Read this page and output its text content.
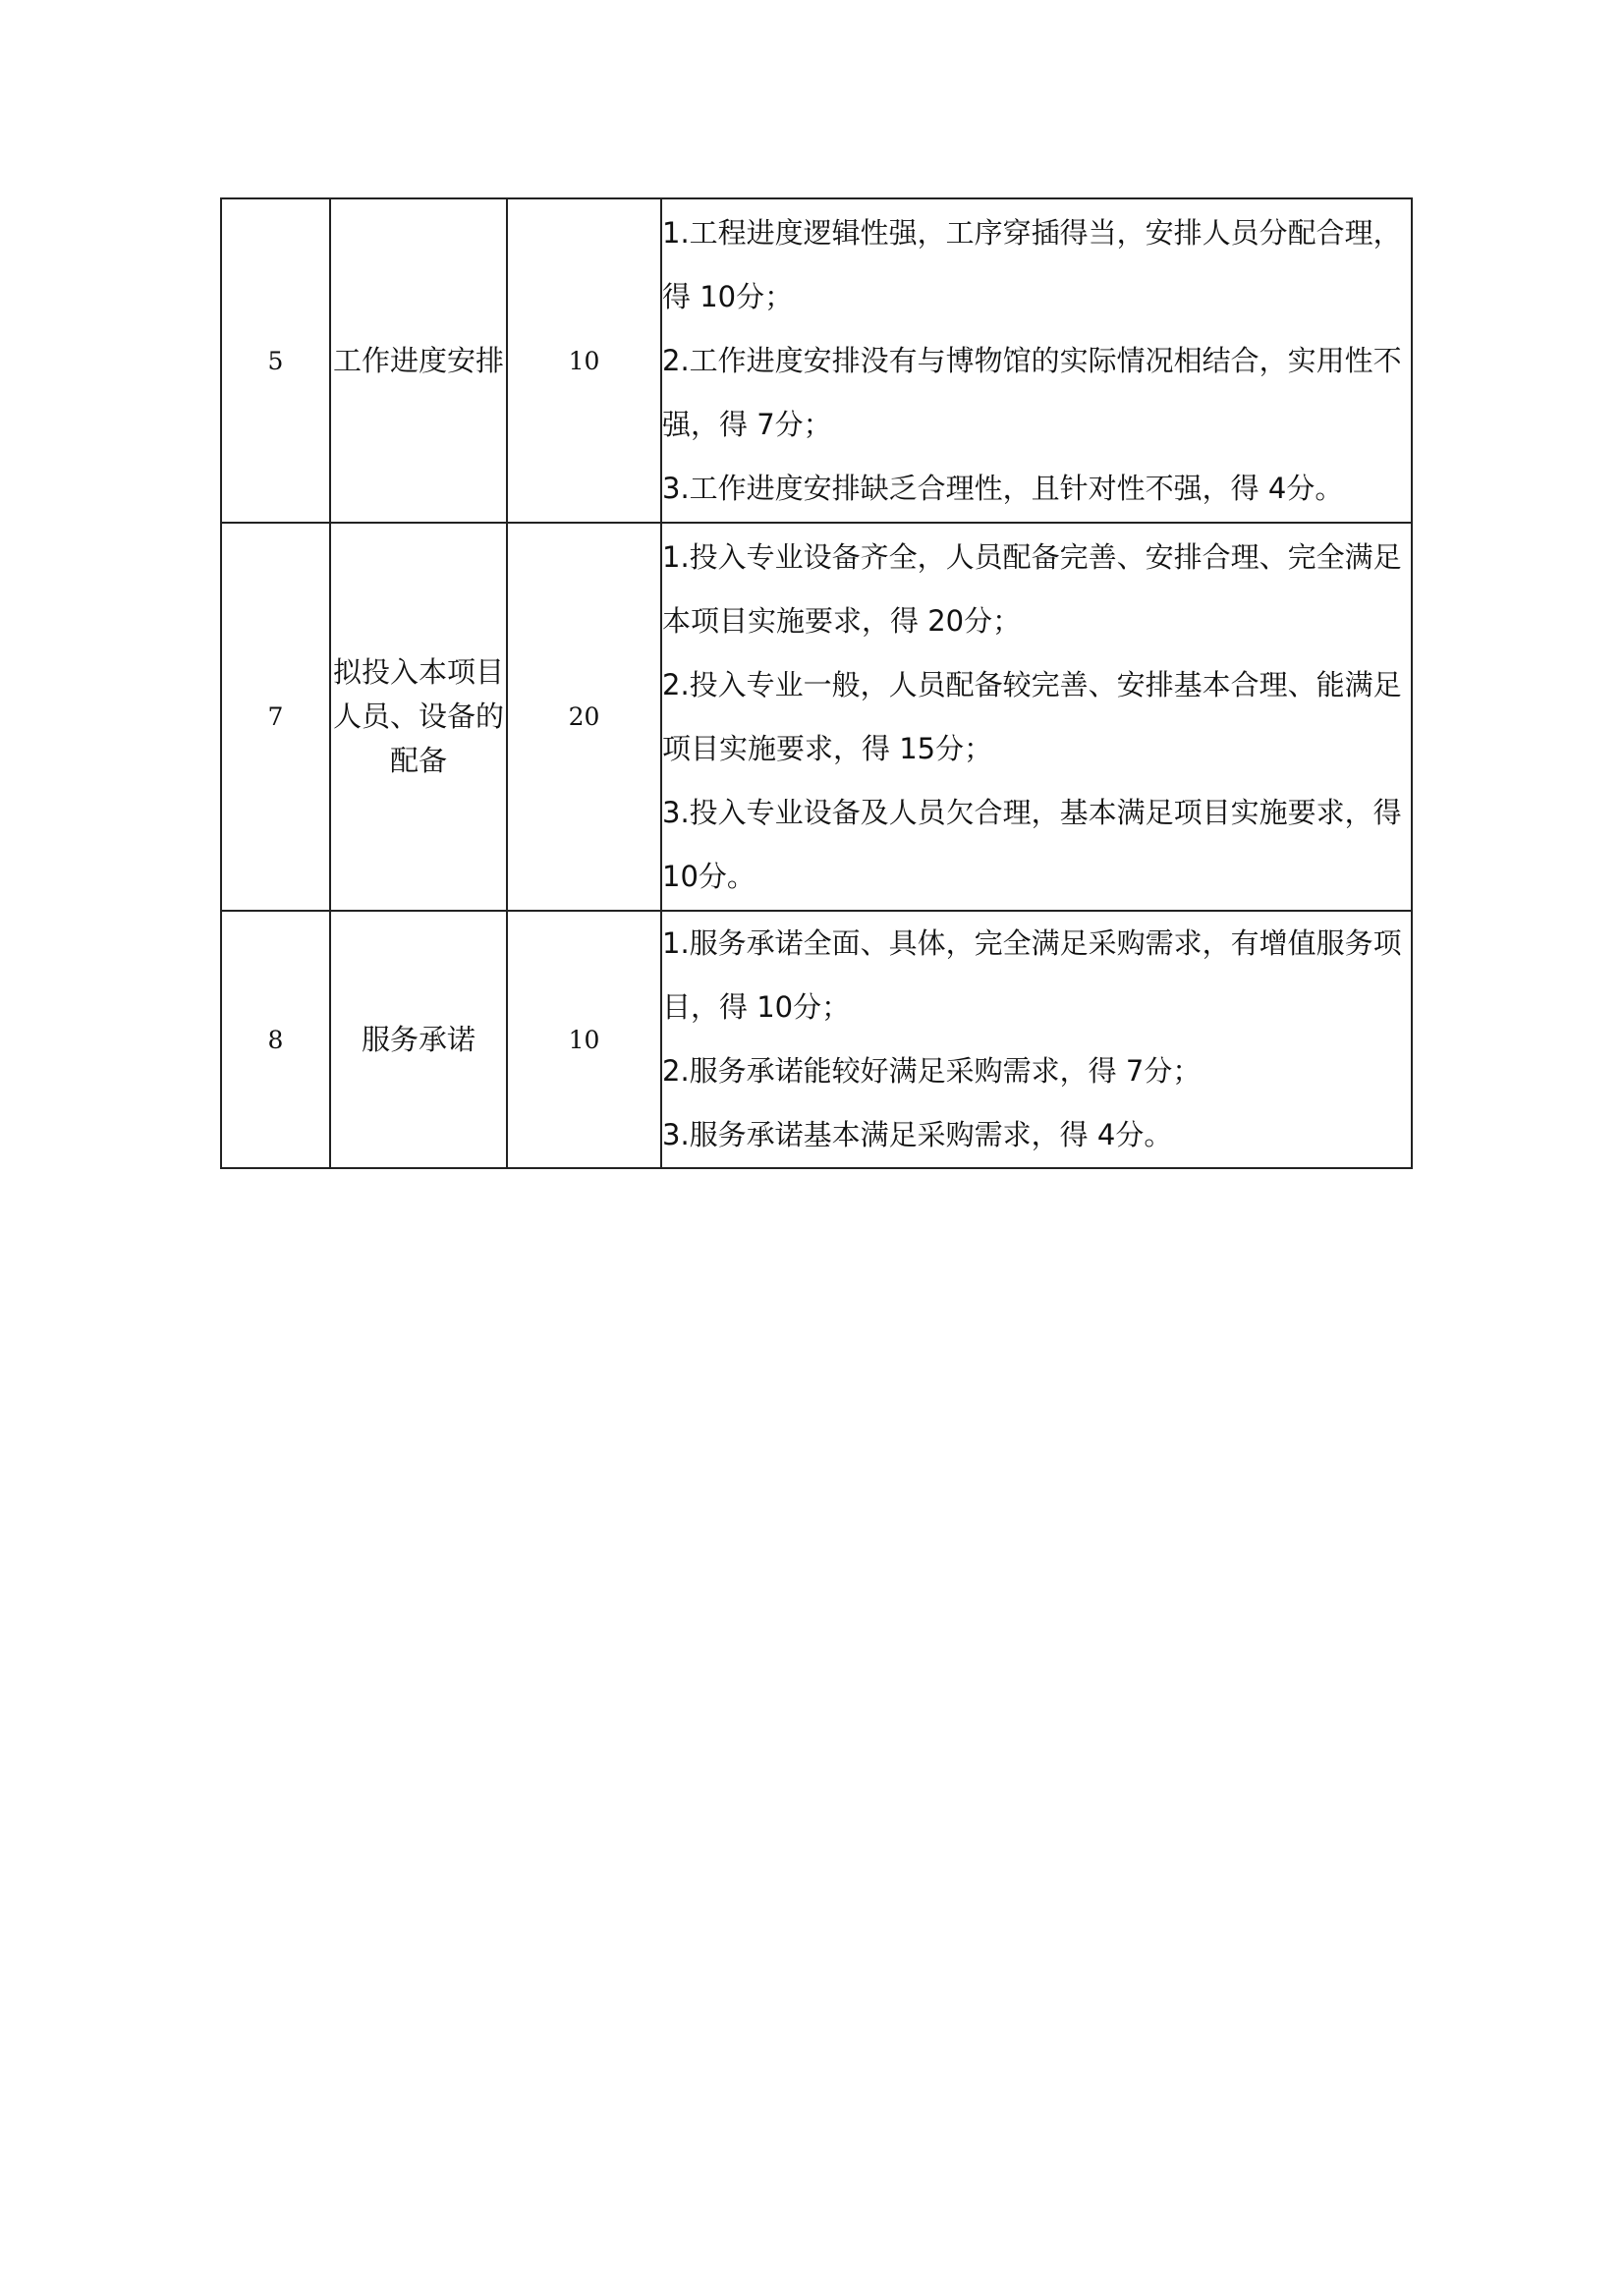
5	工作进度安排	10	1.工程进度逻辑性强，工序穿插得当，安排人员分配合理，得 10分；
2.工作进度安排没有与博物馆的实际情况相结合，实用性不强，得 7分；
3.工作进度安排缺乏合理性，且针对性不强，得 4分。

7	拟投入本项目人员、设备的配备	20	1.投入专业设备齐全，人员配备完善、安排合理、完全满足本项目实施要求，得 20分；
2.投入专业一般，人员配备较完善、安排基本合理、能满足项目实施要求，得 15分；
3.投入专业设备及人员欠合理，基本满足项目实施要求，得 10分。

8	服务承诺	10	1.服务承诺全面、具体，完全满足采购需求，有增值服务项目，得 10分；
2.服务承诺能较好满足采购需求，得 7分；
3.服务承诺基本满足采购需求，得 4分。
